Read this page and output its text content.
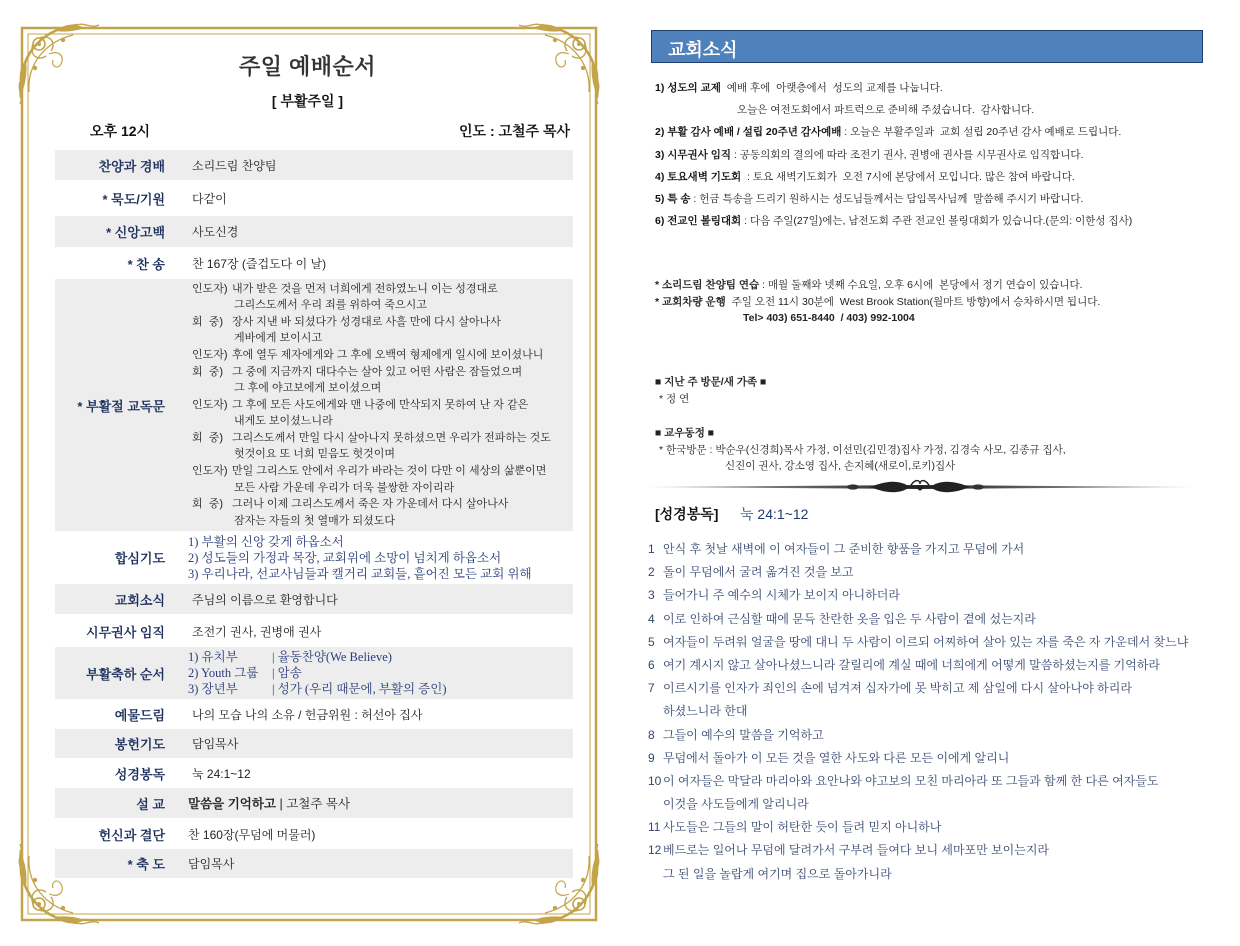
주일 예배순서
[ 부활주일 ]
오후 12시	인도 : 고철주 목사
찬양과 경배 소리드림 찬양팀
* 묵도/기원 다같이
* 신앙고백 사도신경
* 찬 송 찬 167장 (즐겁도다 이 날)
* 부활절 교독문
인도자) 내가 받은 것을 먼저 너희에게 전하였노니 이는 성경대로
그리스도께서 우리 죄를 위하여 죽으시고
회  중) 장사 지낸 바 되셨다가 성경대로 사흘 만에 다시 살아나사
게바에게 보이시고
인도자) 후에 열두 제자에게와 그 후에 오백여 형제에게 일시에 보이셨나니
회  중) 그 중에 지금까지 대다수는 살아 있고 어떤 사람은 잠들었으며
그 후에 야고보에게 보이셨으며
인도자) 그 후에 모든 사도에게와 맨 나중에 만삭되지 못하여 난 자 같은
내게도 보이셨느니라
회  중) 그리스도께서 만일 다시 살아나지 못하셨으면 우리가 전파하는 것도
헛것이요 또 너희 믿음도 헛것이며
인도자) 만일 그리스도 안에서 우리가 바라는 것이 다만 이 세상의 삶뿐이면
모든 사람 가운데 우리가 더욱 불쌍한 자이리라
회  중) 그러나 이제 그리스도께서 죽은 자 가운데서 다시 살아나사
잠자는 자들의 첫 열매가 되셨도다
합심기도
1) 부활의 신앙 갖게 하옵소서
2) 성도들의 가정과 목장, 교회위에 소망이 넘치게 하옵소서
3) 우리나라, 선교사님들과 캘거리 교회들, 흩어진 모든 교회 위해
교회소식 주님의 이름으로 환영합니다
시무권사 임직 조전기 권사, 권병애 권사
부활축하 순서
1) 유치부	| 율동찬양(We Believe)
2) Youth 그룹	| 암송
3) 장년부	| 성가 (우리 때문에, 부활의 증인)
예물드림 나의 모습 나의 소유 / 헌금위원 : 허선아 집사
봉헌기도 담임목사
성경봉독 눅 24:1~12
설 교 말씀을 기억하고 | 고철주 목사
헌신과 결단 찬 160장(무덤에 머물러)
* 축 도 담임목사
교회소식
1) 성도의 교제  예배 후에  아랫층에서  성도의 교제를 나눕니다.
오늘은 여전도회에서 파트럭으로 준비해 주셨습니다.  감사합니다.
2) 부활 감사 예배 / 설립 20주년 감사예배 : 오늘은 부활주일과  교회 설립 20주년 감사 예배로 드립니다.
3) 시무권사 임직 : 공동의회의 결의에 따라 조전기 권사, 권병애 권사를 시무권사로 임직합니다.
4) 토요새벽 기도회  : 토요 새벽기도회가  오전 7시에 본당에서 모입니다. 많은 참여 바랍니다.
5) 특 송 : 헌금 특송을 드리기 원하시는 성도님들께서는 담임목사님께  말씀해 주시기 바랍니다.
6) 전교인 볼링대회 : 다음 주일(27일)에는, 남전도회 주관 전교인 볼링대회가 있습니다.(문의: 이한성 집사)
* 소리드림 찬양팀 연습 : 매월 둘째와 넷째 수요일, 오후 6시에  본당에서 정기 연습이 있습니다.
* 교회차량 운행  주일 오전 11시 30분에  West Brook Station(월마트 방향)에서 승차하시면 됩니다.
Tel> 403) 651-8440  / 403) 992-1004
■ 지난 주 방문/새 가족 ■
* 정 연
■ 교우동정 ■
* 한국방문 : 박순우(신경희)목사 가정, 이선민(김민경)집사 가정, 김경숙 사모, 김종규 집사,
신진이 권사, 강소영 집사, 손지혜(새로이,로키)집사
[성경봉독] 눅 24:1~12
1 안식 후 첫날 새벽에 이 여자들이 그 준비한 향품을 가지고 무덤에 가서
2 돌이 무덤에서 굴려 옮겨진 것을 보고
3 들어가니 주 예수의 시체가 보이지 아니하더라
4 이로 인하여 근심할 때에 문득 찬란한 옷을 입은 두 사람이 곁에 섰는지라
5 여자들이 두려워 얼굴을 땅에 대니 두 사람이 이르되 어찌하여 살아 있는 자를 죽은 자 가운데서 찾느냐
6 여기 계시지 않고 살아나셨느니라 갈릴리에 계실 때에 너희에게 어떻게 말씀하셨는지를 기억하라
7 이르시기를 인자가 죄인의 손에 넘겨져 십자가에 못 박히고 제 삼일에 다시 살아나야 하리라
하셨느니라 한대
8 그들이 예수의 말씀을 기억하고
9 무덤에서 돌아가 이 모든 것을 열한 사도와 다른 모든 이에게 알리니
10 이 여자들은 막달라 마리아와 요안나와 야고보의 모친 마리아라 또 그들과 함께 한 다른 여자들도
이것을 사도들에게 알리니라
11 사도들은 그들의 말이 허탄한 듯이 들려 믿지 아니하나
12 베드로는 일어나 무덤에 달려가서 구부려 들여다 보니 세마포만 보이는지라
그 된 일을 놀랍게 여기며 집으로 돌아가니라
